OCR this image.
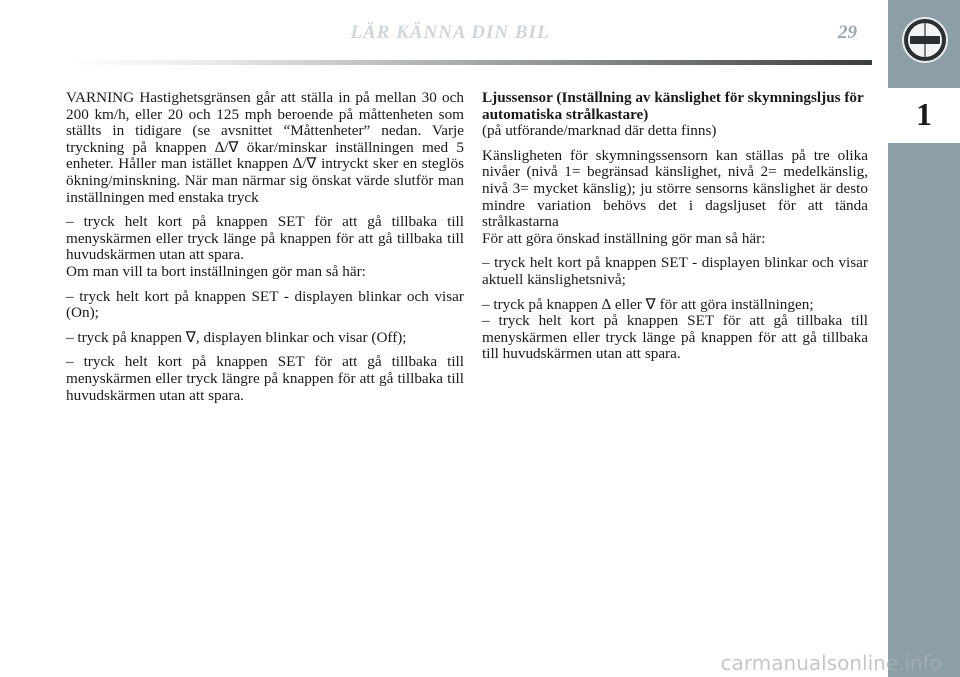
LÄR KÄNNA DIN BIL	29
1

VARNING Hastighetsgränsen går att ställa in på mellan 30 och 200 km/h, eller 20 och 125 mph beroende på måttenheten som ställts in tidigare (se avsnittet “Måttenheter” nedan. Varje tryckning på knappen ∆/∇ ökar/minskar inställningen med 5 enheter. Håller man istället knappen ∆/∇ intryckt sker en steglös ökning/minskning. När man närmar sig önskat värde slutför man inställningen med enstaka tryck

– tryck helt kort på knappen SET för att gå tillbaka till menyskärmen eller tryck länge på knappen för att gå tillbaka till huvudskärmen utan att spara.

Om man vill ta bort inställningen gör man så här:

– tryck helt kort på knappen SET - displayen blinkar och visar (On);

– tryck på knappen ∇, displayen blinkar och visar (Off);

– tryck helt kort på knappen SET för att gå tillbaka till menyskärmen eller tryck längre på knappen för att gå tillbaka till huvudskärmen utan att spara.

Ljussensor (Inställning av känslighet för skymningsljus för automatiska strålkastare)

(på utförande/marknad där detta finns)

Känsligheten för skymningssensorn kan ställas på tre olika nivåer (nivå 1= begränsad känslighet, nivå 2= medelkänslig, nivå 3= mycket känslig); ju större sensorns känslighet är desto mindre variation behövs det i dagsljuset för att tända strålkastarna

För att göra önskad inställning gör man så här:

– tryck helt kort på knappen SET - displayen blinkar och visar aktuell känslighetsnivå;

– tryck på knappen ∆ eller ∇ för att göra inställningen;

– tryck helt kort på knappen SET för att gå tillbaka till menyskärmen eller tryck länge på knappen för att gå tillbaka till huvudskärmen utan att spara.

carmanualsonline.info
